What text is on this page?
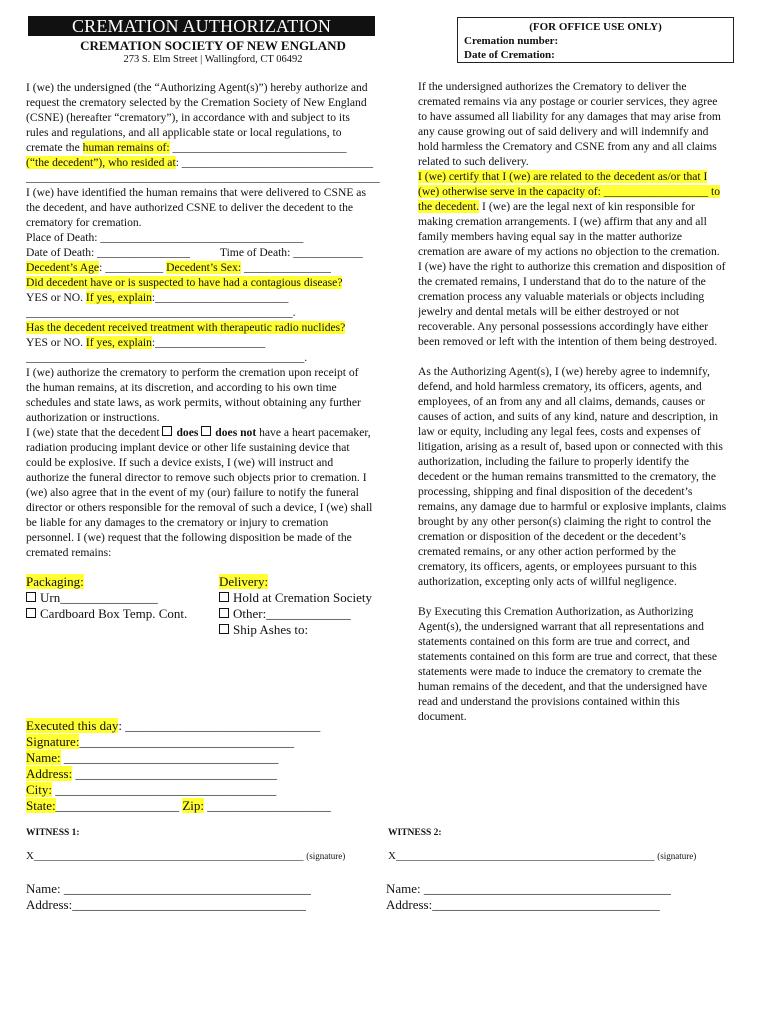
CREMATION AUTHORIZATION
CREMATION SOCIETY OF NEW ENGLAND
273 S. Elm Street | Wallingford, CT 06492
(FOR OFFICE USE ONLY)
Cremation number:
Date of Cremation:
I (we) the undersigned (the “Authorizing Agent(s)”) hereby authorize and
request the crematory selected by the Cremation Society of New England
(CSNE) (hereafter “crematory”), in accordance with and subject to its
rules and regulations, and all applicable state or local regulations, to
cremate the human remains of: ______________________________
(“the decedent”), who resided at: _________________________________
_____________________________________________________________
I (we) have identified the human remains that were delivered to CSNE as
the decedent, and have authorized CSNE to deliver the decedent to the
crematory for cremation.
Place of Death: ___________________________________
Date of Death: ________________	Time of Death: ____________
Decedent’s Age: __________ Decedent’s Sex: _______________
Did decedent have or is suspected to have had a contagious disease?
YES or NO. If yes, explain:_______________________
______________________________________________.
Has the decedent received treatment with therapeutic radio nuclides?
YES or NO. If yes, explain:___________________
________________________________________________.
I (we) authorize the crematory to perform the cremation upon receipt of
the human remains, at its discretion, and according to his own time
schedules and state laws, as work permits, without obtaining any further
authorization or instructions.
I (we) state that the decedent does does not have a heart pacemaker,
radiation producing implant device or other life sustaining device that
could be explosive. If such a device exists, I (we) will instruct and
authorize the funeral director to remove such objects prior to cremation. I
(we) also agree that in the event of my (our) failure to notify the funeral
director or others responsible for the removal of such a device, I (we) shall
be liable for any damages to the crematory or injury to cremation
personnel. I (we) request that the following disposition be made of the
cremated remains:
Packaging:
Urn_______________
Cardboard Box Temp. Cont.
Delivery:
Hold at Cremation Society
Other:_____________
Ship Ashes to:
Executed this day: ______________________________
Signature:_________________________________
Name: _________________________________
Address: _______________________________
City: __________________________________
State:___________________ Zip: ___________________
WITNESS 1:	WITNESS 2:
X_________________________________________________ (signature)	X_______________________________________________ (signature)
Name: ______________________________________
Address:____________________________________
Name: ______________________________________
Address:___________________________________
If the undersigned authorizes the Crematory to deliver the
cremated remains via any postage or courier services, they agree
to have assumed all liability for any damages that may arise from
any cause growing out of said delivery and will indemnify and
hold harmless the Crematory and CSNE from any and all claims
related to such delivery.
I (we) certify that I (we) are related to the decedent as/or that I
(we) otherwise serve in the capacity of: __________________ to
the decedent. I (we) are the legal next of kin responsible for
making cremation arrangements. I (we) affirm that any and all
family members having equal say in the matter authorize
cremation are aware of my actions no objection to the cremation.
I (we) have the right to authorize this cremation and disposition of
the cremated remains, I understand that do to the nature of the
cremation process any valuable materials or objects including
jewelry and dental metals will be either destroyed or not
recoverable. Any personal possessions accordingly have either
been removed or left with the intention of them being destroyed.
As the Authorizing Agent(s), I (we) hereby agree to indemnify,
defend, and hold harmless crematory, its officers, agents, and
employees, of an from any and all claims, demands, causes or
causes of action, and suits of any kind, nature and description, in
law or equity, including any legal fees, costs and expenses of
litigation, arising as a result of, based upon or connected with this
authorization, including the failure to properly identify the
decedent or the human remains transmitted to the crematory, the
processing, shipping and final disposition of the decedent’s
remains, any damage due to harmful or explosive implants, claims
brought by any other person(s) claiming the right to control the
cremation or disposition of the decedent or the decedent’s
cremated remains, or any other action performed by the
crematory, its officers, agents, or employees pursuant to this
authorization, excepting only acts of willful negligence.
By Executing this Cremation Authorization, as Authorizing
Agent(s), the undersigned warrant that all representations and
statements contained on this form are true and correct, and
statements contained on this form are true and correct, that these
statements were made to induce the crematory to cremate the
human remains of the decedent, and that the undersigned have
read and understand the provisions contained within this
document.
